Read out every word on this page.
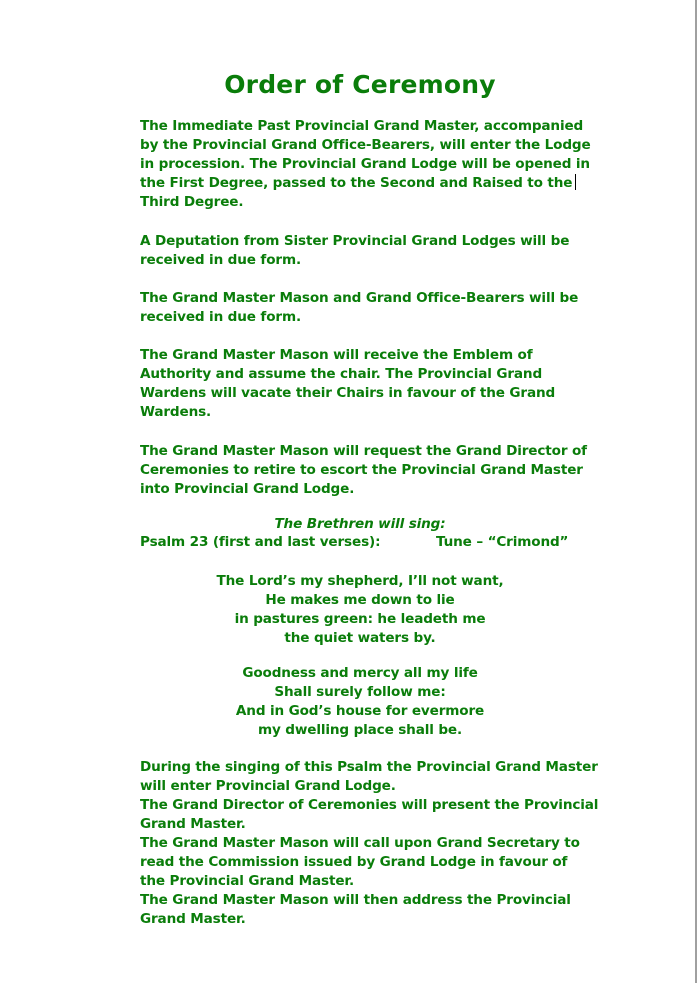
Order of Ceremony
The Immediate Past Provincial Grand Master, accompanied
by the Provincial Grand Office-Bearers, will enter the Lodge
in procession. The Provincial Grand Lodge will be opened in
the First Degree, passed to the Second and Raised to the
Third Degree.
A Deputation from Sister Provincial Grand Lodges will be
received in due form.
The Grand Master Mason and Grand Office-Bearers will be
received in due form.
The Grand Master Mason will receive the Emblem of
Authority and assume the chair. The Provincial Grand
Wardens will vacate their Chairs in favour of the Grand
Wardens.
The Grand Master Mason will request the Grand Director of
Ceremonies to retire to escort the Provincial Grand Master
into Provincial Grand Lodge.
The Brethren will sing:
Psalm 23 (first and last verses):	Tune – “Crimond”
The Lord’s my shepherd, I’ll not want,
He makes me down to lie
in pastures green: he leadeth me
the quiet waters by.
Goodness and mercy all my life
Shall surely follow me:
And in God’s house for evermore
my dwelling place shall be.
During the singing of this Psalm the Provincial Grand Master
will enter Provincial Grand Lodge.
The Grand Director of Ceremonies will present the Provincial
Grand Master.
The Grand Master Mason will call upon Grand Secretary to
read the Commission issued by Grand Lodge in favour of
the Provincial Grand Master.
The Grand Master Mason will then address the Provincial
Grand Master.
